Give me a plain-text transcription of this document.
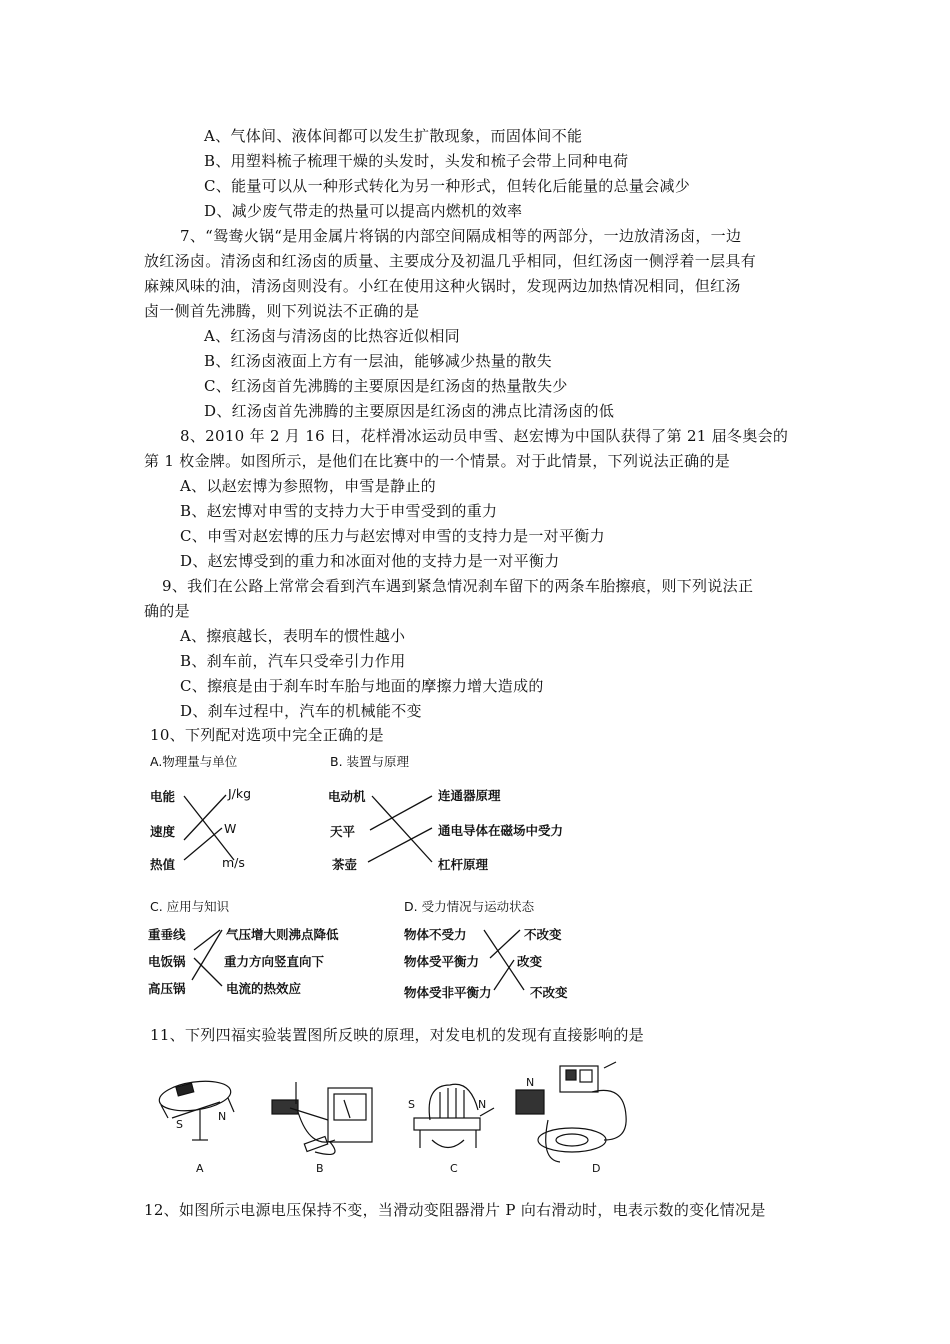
A、气体间、液体间都可以发生扩散现象，而固体间不能
B、用塑料梳子梳理干燥的头发时，头发和梳子会带上同种电荷
C、能量可以从一种形式转化为另一种形式，但转化后能量的总量会减少
D、减少废气带走的热量可以提高内燃机的效率
7、“鸳鸯火锅“是用金属片将锅的内部空间隔成相等的两部分，一边放清汤卤，一边
放红汤卤。清汤卤和红汤卤的质量、主要成分及初温几乎相同，但红汤卤一侧浮着一层具有
麻辣风味的油，清汤卤则没有。小红在使用这种火锅时，发现两边加热情况相同，但红汤
卤一侧首先沸腾，则下列说法不正确的是
A、红汤卤与清汤卤的比热容近似相同
B、红汤卤液面上方有一层油，能够减少热量的散失
C、红汤卤首先沸腾的主要原因是红汤卤的热量散失少
D、红汤卤首先沸腾的主要原因是红汤卤的沸点比清汤卤的低
8、2010 年 2 月 16 日，花样滑冰运动员申雪、赵宏博为中国队获得了第 21 届冬奥会的
第 1 枚金牌。如图所示，是他们在比赛中的一个情景。对于此情景，下列说法正确的是
A、以赵宏博为参照物，申雪是静止的
B、赵宏博对申雪的支持力大于申雪受到的重力
C、申雪对赵宏博的压力与赵宏博对申雪的支持力是一对平衡力
D、赵宏博受到的重力和冰面对他的支持力是一对平衡力
9、我们在公路上常常会看到汽车遇到紧急情况刹车留下的两条车胎擦痕，则下列说法正
确的是
A、擦痕越长，表明车的惯性越小
B、刹车前，汽车只受牵引力作用
C、擦痕是由于刹车时车胎与地面的摩擦力增大造成的
D、刹车过程中，汽车的机械能不变
10、下列配对选项中完全正确的是
A.物理量与单位
电能
速度
热值
J/kg
W
m/s
B. 装置与原理
电动机
天平
茶壶
连通器原理
通电导体在磁场中受力
杠杆原理
C. 应用与知识
重垂线
电饭锅
高压锅
气压增大则沸点降低
重力方向竖直向下
电流的热效应
D. 受力情况与运动状态
物体不受力
物体受平衡力
物体受非平衡力
不改变
改变
不改变
11、下列四福实验装置图所反映的原理，对发电机的发现有直接影响的是
N
S
N
S	N
A	B	C	D
12、如图所示电源电压保持不变，当滑动变阻器滑片 P 向右滑动时，电表示数的变化情况是
